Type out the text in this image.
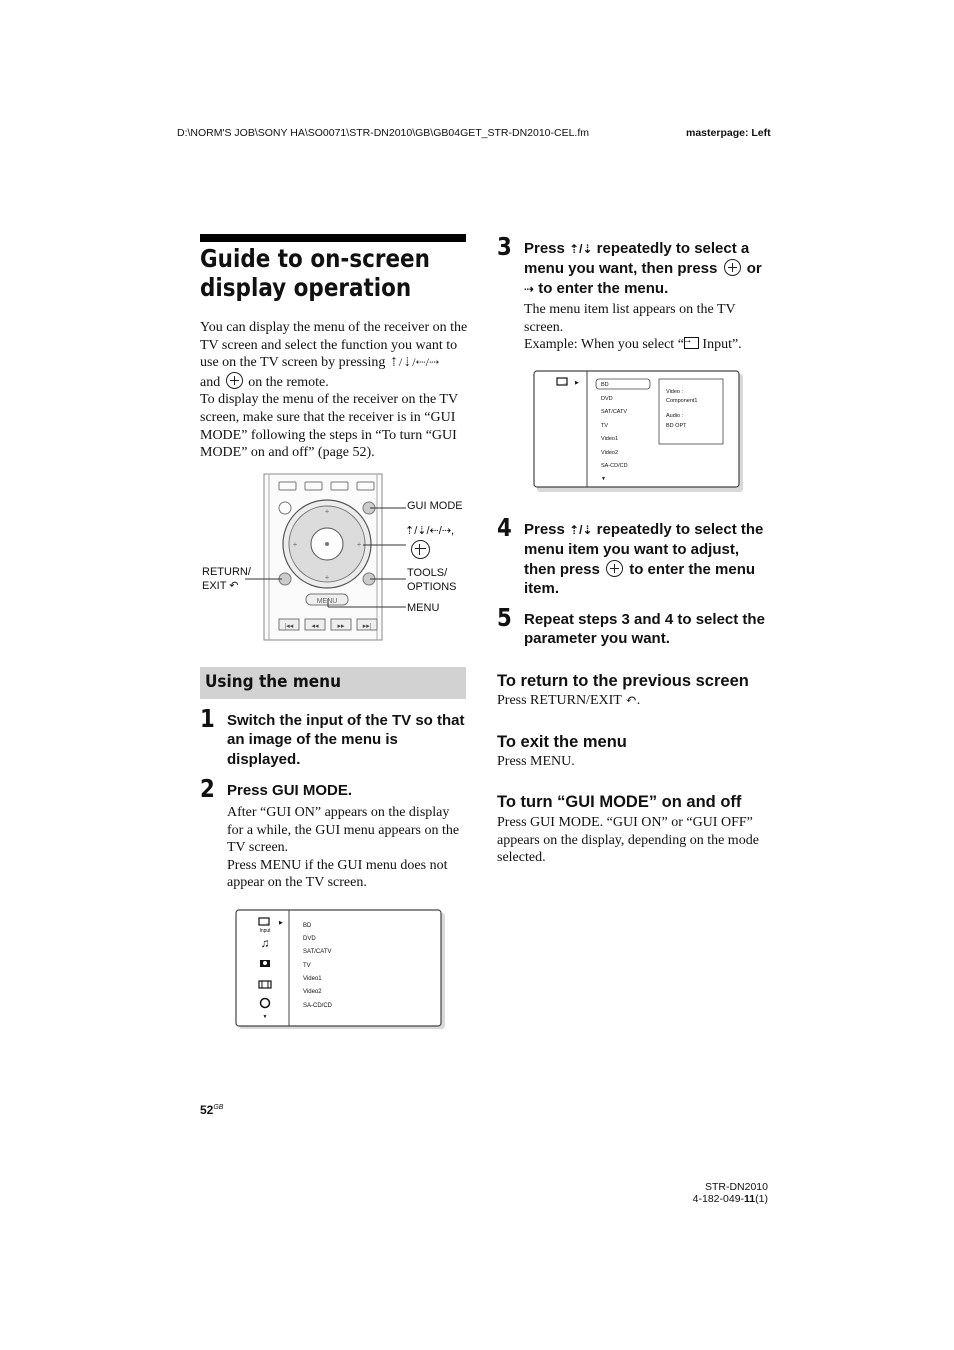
D:\NORM'S JOB\SONY HA\SO0071\STR-DN2010\GB\GB04GET_STR-DN2010-CEL.fm	masterpage: Left
Guide to on-screen
display operation
You can display the menu of the receiver on the TV screen and select the function you want to use on the TV screen by pressing ⇡/⇣/⇠/⇢
and  on the remote.
To display the menu of the receiver on the TV screen, make sure that the receiver is in “GUI MODE” following the steps in “To turn “GUI MODE” on and off” (page 52).
+
+
+	+
MENU
|◂◂	◂◂	▸▸	▸▸|
GUI MODE
⇡/⇣/⇠/⇢,
RETURN/
EXIT ↶
TOOLS/
OPTIONS
MENU
Using the menu
1 Switch the input of the TV so that an image of the menu is displayed.
2 Press GUI MODE.
After “GUI ON” appears on the display for a while, the GUI menu appears on the TV screen.
Press MENU if the GUI menu does not appear on the TV screen.
→ ▶
Input
♫
▼
BD
DVD
SAT/CATV
TV
Video1
Video2
SA-CD/CD
3 Press ⇡/⇣ repeatedly to select a menu you want, then press  or ⇢ to enter the menu.
The menu item list appears on the TV screen.
Example: When you select “→ Input”.
→ ▶	BD
DVD
SAT/CATV
TV
Video1
Video2
SA-CD/CD
Video :
Component1
Audio :
BD OPT
▼
4 Press ⇡/⇣ repeatedly to select the menu item you want to adjust, then press  to enter the menu item.
5 Repeat steps 3 and 4 to select the parameter you want.
To return to the previous screen
Press RETURN/EXIT ↶.
To exit the menu
Press MENU.
To turn “GUI MODE” on and off
Press GUI MODE. “GUI ON” or “GUI OFF” appears on the display, depending on the mode selected.
$52^{GB}$
STR-DN2010
4-182-049-11(1)
